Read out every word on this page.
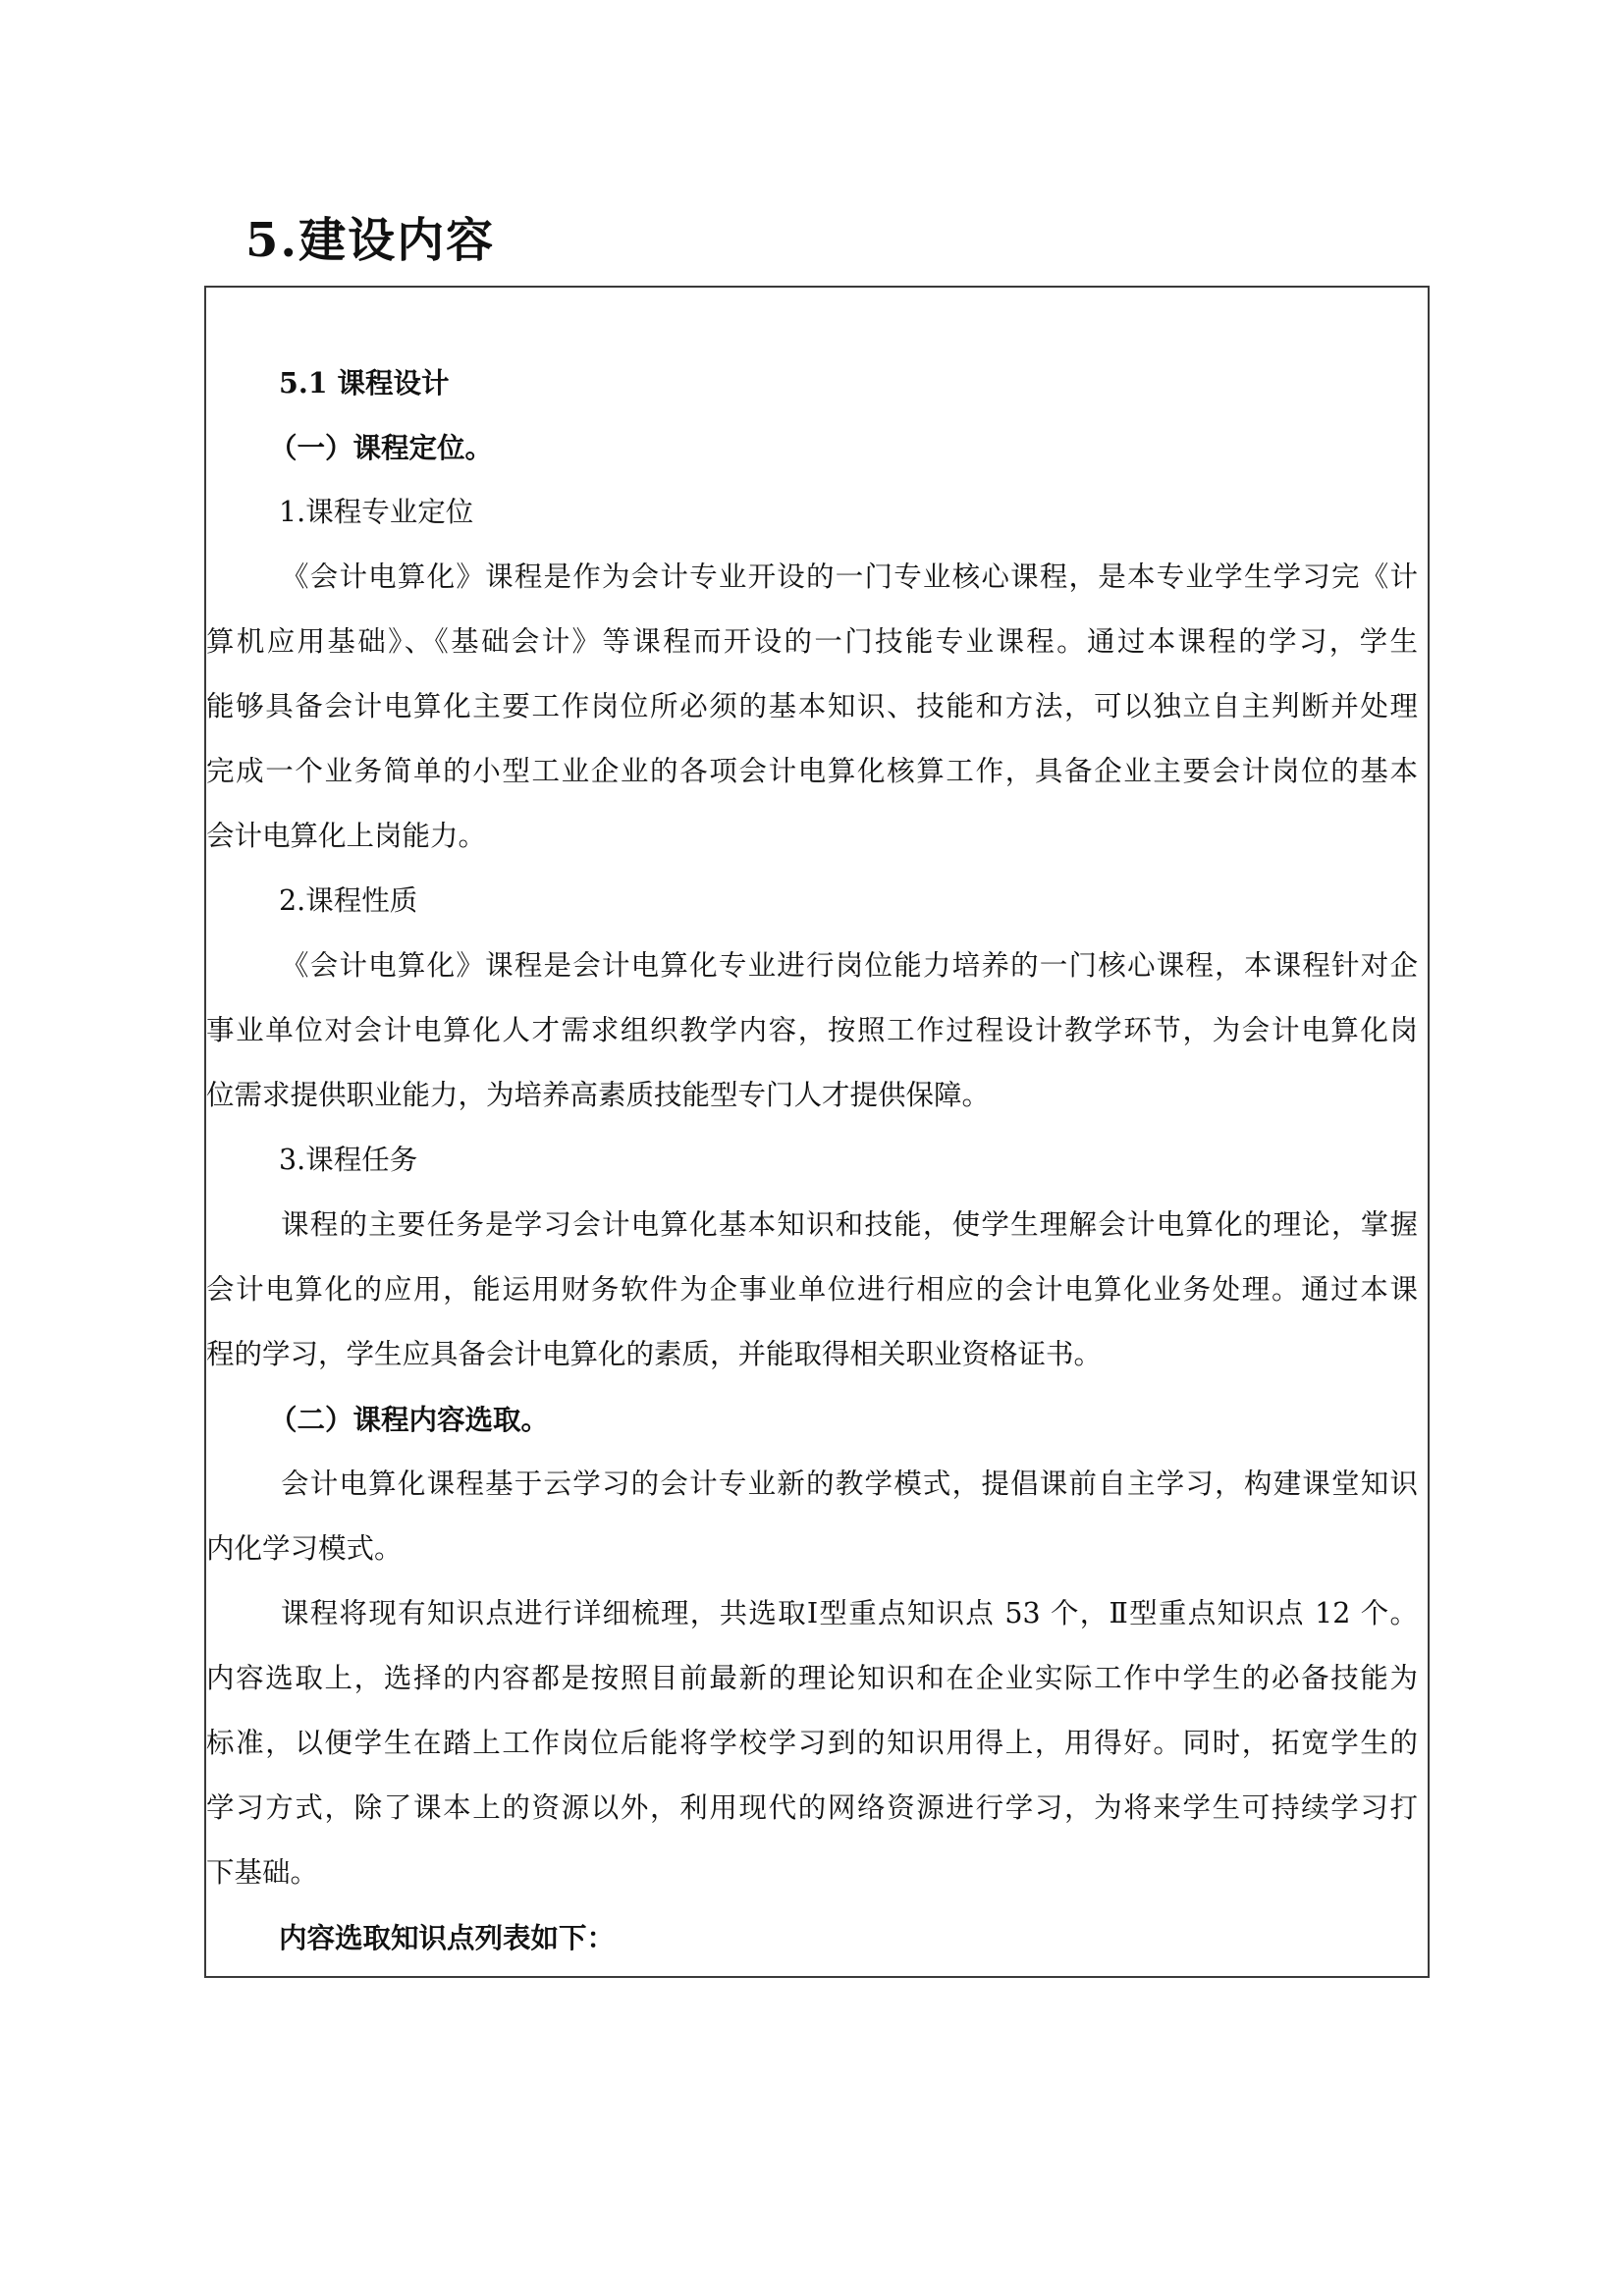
5.建设内容
5.1 课程设计
（一）课程定位。
1.课程专业定位
《会计电算化》课程是作为会计专业开设的一门专业核心课程，是本专业学生学习完《计
算机应用基础》、《基础会计》等课程而开设的一门技能专业课程。通过本课程的学习，学生
能够具备会计电算化主要工作岗位所必须的基本知识、技能和方法，可以独立自主判断并处理
完成一个业务简单的小型工业企业的各项会计电算化核算工作，具备企业主要会计岗位的基本
会计电算化上岗能力。
2.课程性质
《会计电算化》课程是会计电算化专业进行岗位能力培养的一门核心课程，本课程针对企
事业单位对会计电算化人才需求组织教学内容，按照工作过程设计教学环节，为会计电算化岗
位需求提供职业能力，为培养高素质技能型专门人才提供保障。
3.课程任务
课程的主要任务是学习会计电算化基本知识和技能，使学生理解会计电算化的理论，掌握
会计电算化的应用，能运用财务软件为企事业单位进行相应的会计电算化业务处理。通过本课
程的学习，学生应具备会计电算化的素质，并能取得相关职业资格证书。
（二）课程内容选取。
会计电算化课程基于云学习的会计专业新的教学模式，提倡课前自主学习，构建课堂知识
内化学习模式。
课程将现有知识点进行详细梳理，共选取Ⅰ型重点知识点 53 个，Ⅱ型重点知识点 12 个。
内容选取上，选择的内容都是按照目前最新的理论知识和在企业实际工作中学生的必备技能为
标准，以便学生在踏上工作岗位后能将学校学习到的知识用得上，用得好。同时，拓宽学生的
学习方式，除了课本上的资源以外，利用现代的网络资源进行学习，为将来学生可持续学习打
下基础。
内容选取知识点列表如下：
